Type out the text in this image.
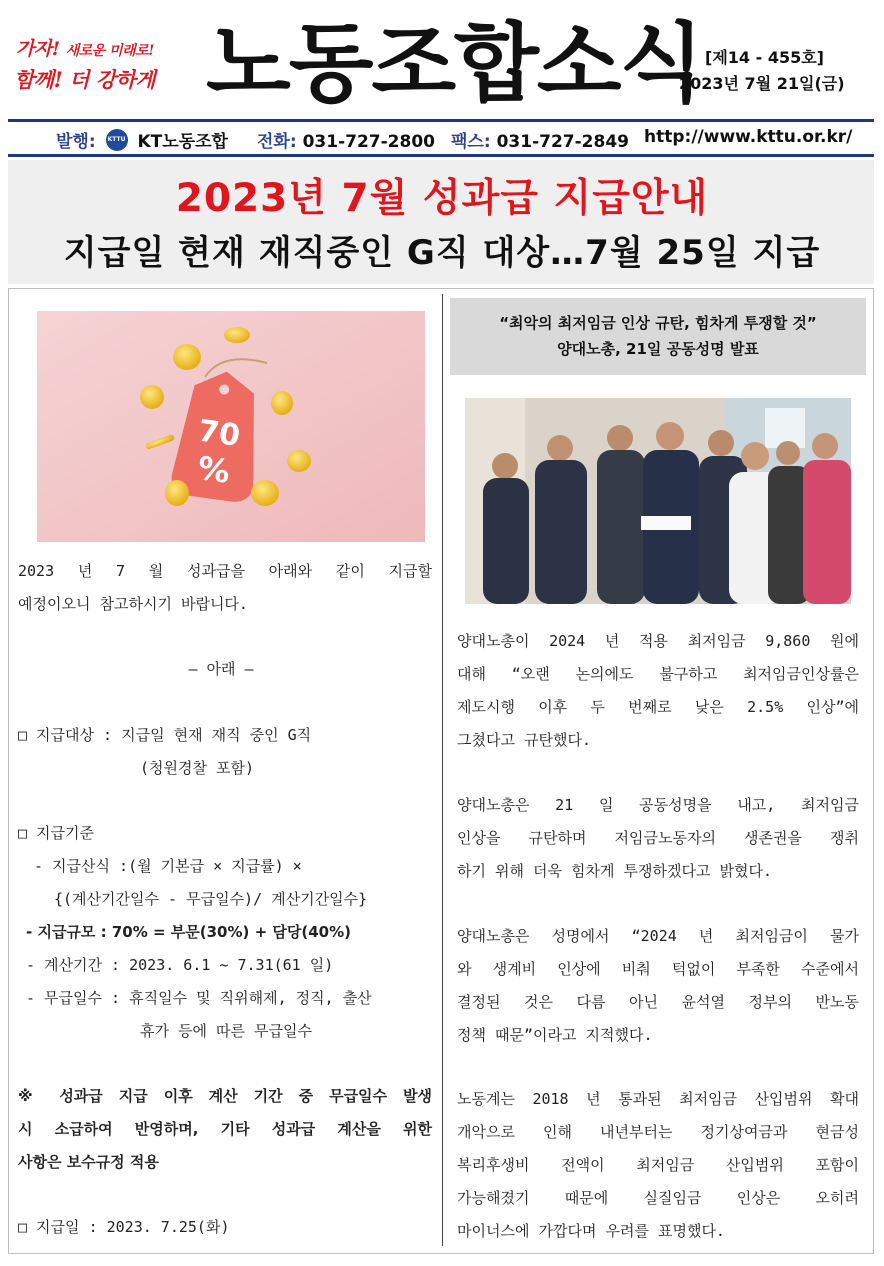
가자! 새로운 미래로!
함께! 더 강하게 노동조합소식 [제14 - 455호]
2023년 7월 21일(금)
발행: KTTU KT노동조합 전화: 031-727-2800 팩스: 031-727-2849 http://www.kttu.or.kr/
2023년 7월 성과급 지급안내
지급일 현재 재직중인 G직 대상…7월 25일 지급
70
%
2023 년 7 월 성과급을 아래와 같이 지급할
예정이오니 참고하시기 바랍니다.
— 아래 —
□ 지급대상 : 지급일 현재 재직 중인 G직
(청원경찰 포함)
□ 지급기준
- 지급산식 :(월 기본급 × 지급률) ×
{(계산기간일수 - 무급일수)/ 계산기간일수}
- 지급규모 : 70% = 부문(30%) + 담당(40%)
- 계산기간 : 2023. 6.1 ~ 7.31(61 일)
- 무급일수 : 휴직일수 및 직위해제, 정직, 출산
휴가 등에 따른 무급일수
※ 성과급 지급 이후 계산 기간 중 무급일수 발생
시 소급하여 반영하며, 기타 성과급 계산을 위한
사항은 보수규정 적용
□ 지급일 : 2023. 7.25(화)
“최악의 최저임금 인상 규탄, 힘차게 투쟁할 것”
양대노총, 21일 공동성명 발표
양대노총이 2024 년 적용 최저임금 9,860 원에
대해 “오랜 논의에도 불구하고 최저임금인상률은
제도시행 이후 두 번째로 낮은 2.5% 인상”에
그쳤다고 규탄했다.
양대노총은 21 일 공동성명을 내고, 최저임금
인상을 규탄하며 저임금노동자의 생존권을 쟁취
하기 위해 더욱 힘차게 투쟁하겠다고 밝혔다.
양대노총은 성명에서 “2024 년 최저임금이 물가
와 생계비 인상에 비춰 턱없이 부족한 수준에서
결정된 것은 다름 아닌 윤석열 정부의 반노동
정책 때문”이라고 지적했다.
노동계는 2018 년 통과된 최저임금 산입범위 확대
개악으로 인해 내년부터는 정기상여금과 현금성
복리후생비 전액이 최저임금 산입범위 포함이
가능해졌기 때문에 실질임금 인상은 오히려
마이너스에 가깝다며 우려를 표명했다.
